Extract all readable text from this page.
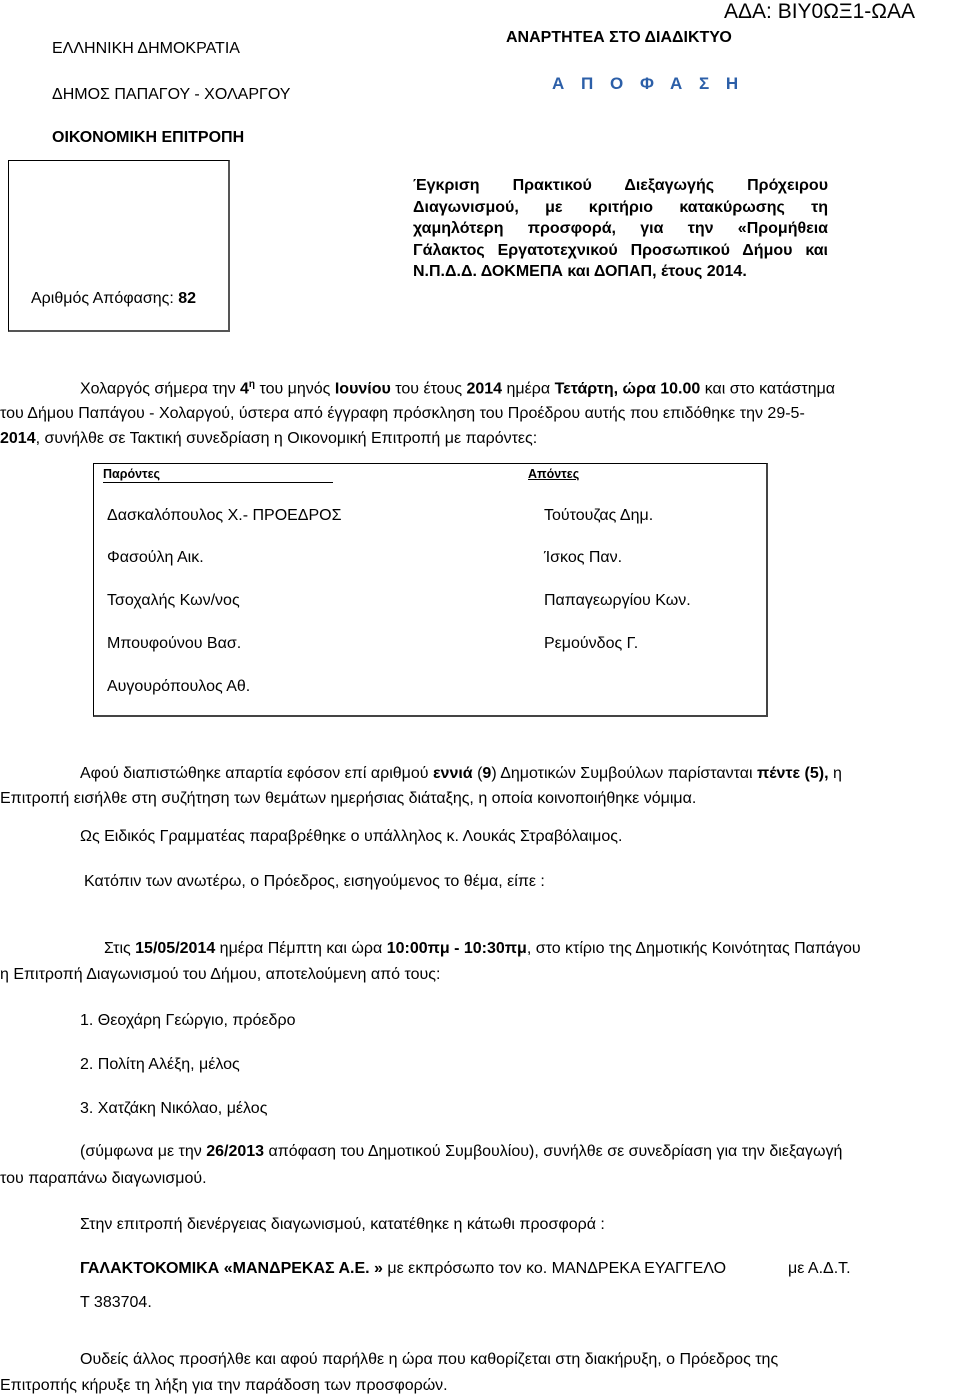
ΑΔΑ: ΒΙΥ0ΩΞ1-ΩΑΑ
ΑΝΑΡΤΗΤΕΑ ΣΤΟ ΔΙΑΔΙΚΤΥΟ
Α Π Ο Φ Α Σ Η
ΕΛΛΗΝΙΚΗ ΔΗΜΟΚΡΑΤΙΑ
ΔΗΜΟΣ ΠΑΠΑΓΟΥ - ΧΟΛΑΡΓΟΥ
ΟΙΚΟΝΟΜΙΚΗ ΕΠΙΤΡΟΠΗ
Αριθμός Απόφασης: 82
Έγκριση Πρακτικού Διεξαγωγής Πρόχειρου
Διαγωνισμού, με κριτήριο κατακύρωσης τη
χαμηλότερη προσφορά, για την «Προμήθεια
Γάλακτος Εργατοτεχνικού Προσωπικού Δήμου και
Ν.Π.Δ.Δ. ΔΟΚΜΕΠΑ και ΔΟΠΑΠ, έτους 2014.
Χολαργός σήμερα την $4^\eta$ του μηνός Ιουνίου του έτους 2014 ημέρα Τετάρτη, ώρα 10.00 και στο κατάστημα
του Δήμου Παπάγου - Χολαργού, ύστερα από έγγραφη πρόσκληση του Προέδρου αυτής που επιδόθηκε την 29-5-
2014, συνήλθε σε Τακτική συνεδρίαση η Οικονομική Επιτροπή με παρόντες:
Παρόντες	Απόντες
Δασκαλόπουλος Χ.- ΠΡΟΕΔΡΟΣ
Φασούλη Αικ.
Τσοχαλής Κων/νος
Μπουφούνου Βασ.
Αυγουρόπουλος Αθ.
Τούτουζας Δημ.
Ίσκος Παν.
Παπαγεωργίου Κων.
Ρεμούνδος Γ.
Αφού διαπιστώθηκε απαρτία εφόσον επί αριθμού εννιά (9) Δημοτικών Συμβούλων παρίστανται πέντε (5), η
Επιτροπή εισήλθε στη συζήτηση των θεμάτων ημερήσιας διάταξης, η οποία κοινοποιήθηκε νόμιμα.
Ως Ειδικός Γραμματέας παραβρέθηκε ο υπάλληλος κ. Λουκάς Στραβόλαιμος.
Κατόπιν των ανωτέρω, ο Πρόεδρος, εισηγούμενος το θέμα, είπε :
Στις 15/05/2014 ημέρα Πέμπτη και ώρα 10:00πμ - 10:30πμ, στο κτίριο της Δημοτικής Κοινότητας Παπάγου
η Επιτροπή Διαγωνισμού του Δήμου, αποτελούμενη από τους:
1. Θεοχάρη Γεώργιο, πρόεδρο
2. Πολίτη Αλέξη, μέλος
3. Χατζάκη Νικόλαο, μέλος
(σύμφωνα με την 26/2013 απόφαση του Δημοτικού Συμβουλίου), συνήλθε σε συνεδρίαση για την διεξαγωγή
του παραπάνω διαγωνισμού.
Στην επιτροπή διενέργειας διαγωνισμού, κατατέθηκε η κάτωθι προσφορά :
ΓΑΛΑΚΤΟΚΟΜΙΚΑ «ΜΑΝΔΡΕΚΑΣ Α.Ε. » με εκπρόσωπο τον κο. ΜΑΝΔΡΕΚΑ ΕΥΑΓΓΕΛΟ	με Α.Δ.Τ.
Τ 383704.
Ουδείς άλλος προσήλθε και αφού παρήλθε η ώρα που καθορίζεται στη διακήρυξη, ο Πρόεδρος της
Επιτροπής κήρυξε τη λήξη για την παράδοση των προσφορών.
